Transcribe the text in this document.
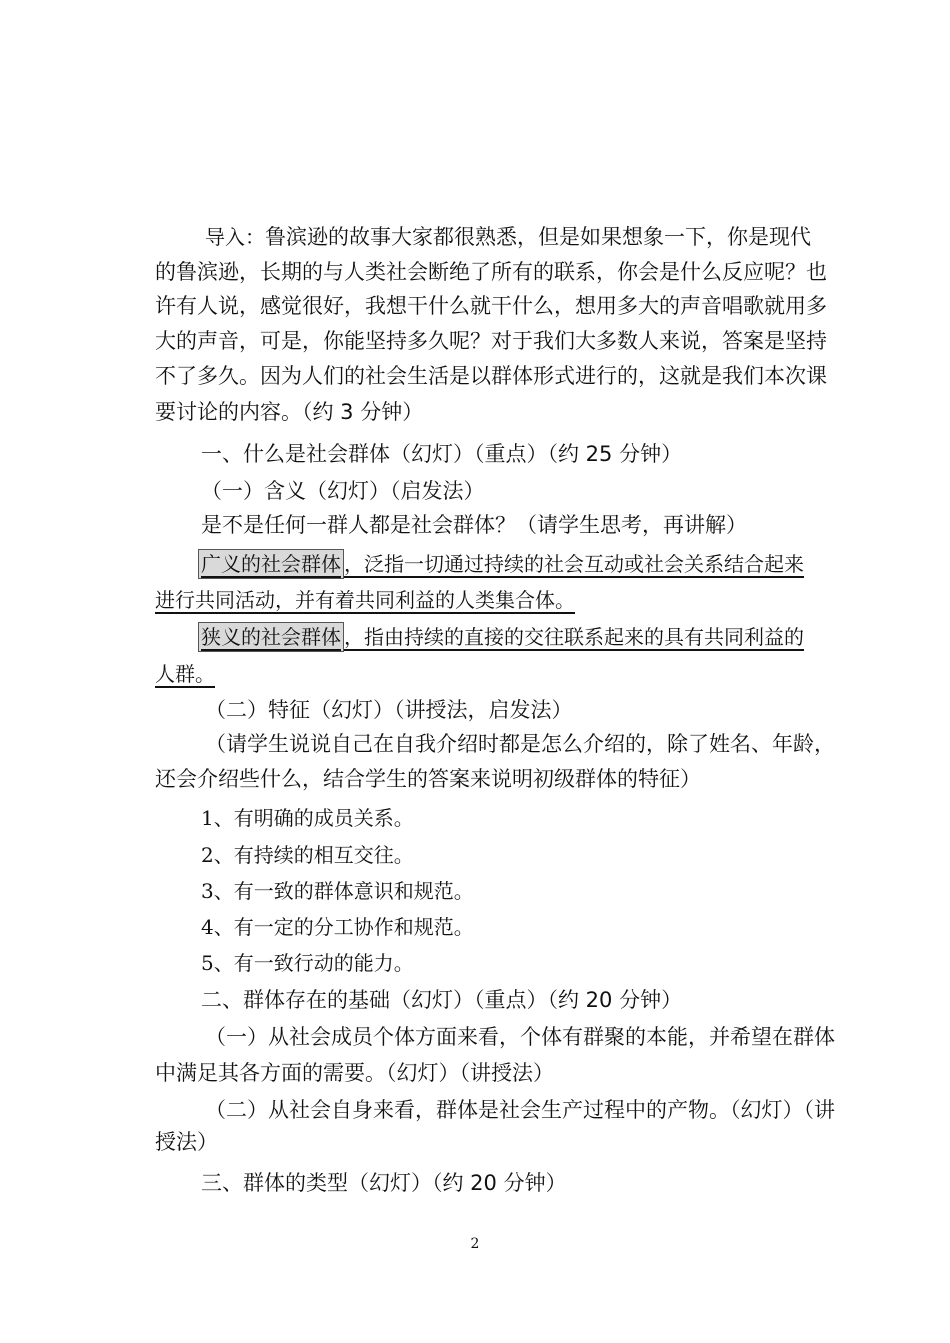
导入：鲁滨逊的故事大家都很熟悉，但是如果想象一下，你是现代
的鲁滨逊，长期的与人类社会断绝了所有的联系，你会是什么反应呢？也
许有人说，感觉很好，我想干什么就干什么，想用多大的声音唱歌就用多
大的声音，可是，你能坚持多久呢？对于我们大多数人来说，答案是坚持
不了多久。因为人们的社会生活是以群体形式进行的，这就是我们本次课
要讨论的内容。（约 3 分钟）
一、什么是社会群体（幻灯）（重点）（约 25 分钟）
（一）含义（幻灯）（启发法）
是不是任何一群人都是社会群体？（请学生思考，再讲解）
广义的社会群体 ，泛指一切通过持续的社会互动或社会关系结合起来
进行共同活动，并有着共同利益的人类集合体。
狭义的社会群体 ，指由持续的直接的交往联系起来的具有共同利益的
人群。
（二）特征（幻灯）（讲授法，启发法）
（请学生说说自己在自我介绍时都是怎么介绍的，除了姓名、年龄，
还会介绍些什么，结合学生的答案来说明初级群体的特征）
1、有明确的成员关系。
2、有持续的相互交往。
3、有一致的群体意识和规范。
4、有一定的分工协作和规范。
5、有一致行动的能力。
二、群体存在的基础（幻灯）（重点）（约 20 分钟）
（一）从社会成员个体方面来看，个体有群聚的本能，并希望在群体
中满足其各方面的需要。（幻灯）（讲授法）
（二）从社会自身来看，群体是社会生产过程中的产物。（幻灯）（讲
授法）
三、群体的类型（幻灯）（约 20 分钟）
2
